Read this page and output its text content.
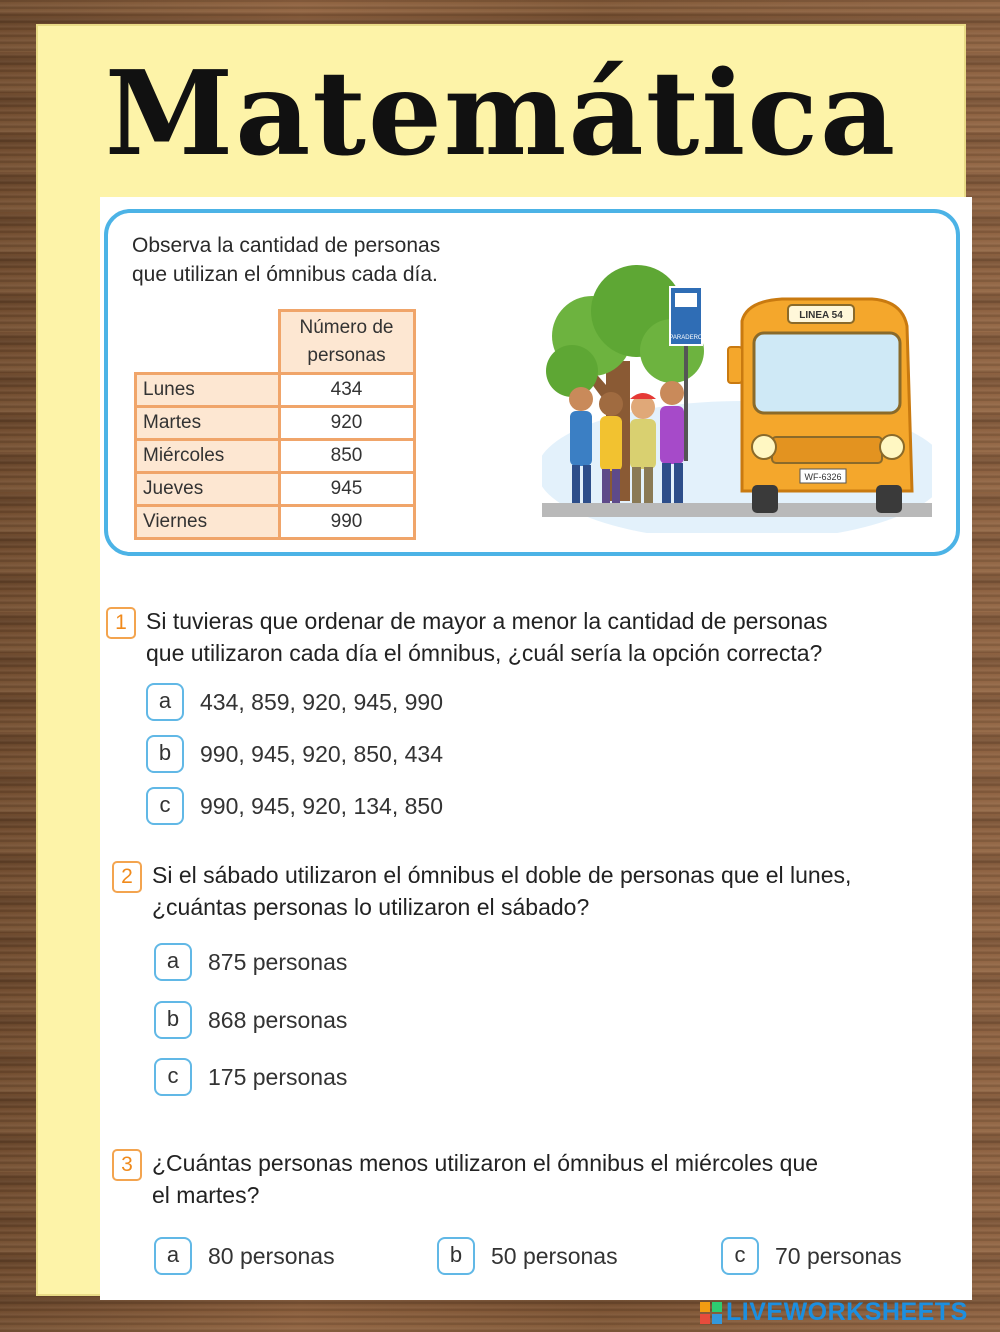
Matemática
Observa la cantidad de personas
que utilizan el ómnibus cada día.

	Número de
personas

Lunes	434
Martes	920
Miércoles	850
Jueves	945
Viernes	990
PARADERO
LINEA 54
WF-6326
1 Si tuvieras que ordenar de mayor a menor la cantidad de personas
que utilizaron cada día el ómnibus, ¿cuál sería la opción correcta?
a	434, 859, 920, 945, 990
b	990, 945, 920, 850, 434
c	990, 945, 920, 134, 850
2 Si el sábado utilizaron el ómnibus el doble de personas que el lunes,
¿cuántas personas lo utilizaron el sábado?
a	875 personas
b	868 personas
c	175 personas
3 ¿Cuántas personas menos utilizaron el ómnibus el miércoles que
el martes?
a	80 personas	b	50 personas	c	70 personas
LIVEWORKSHEETS
